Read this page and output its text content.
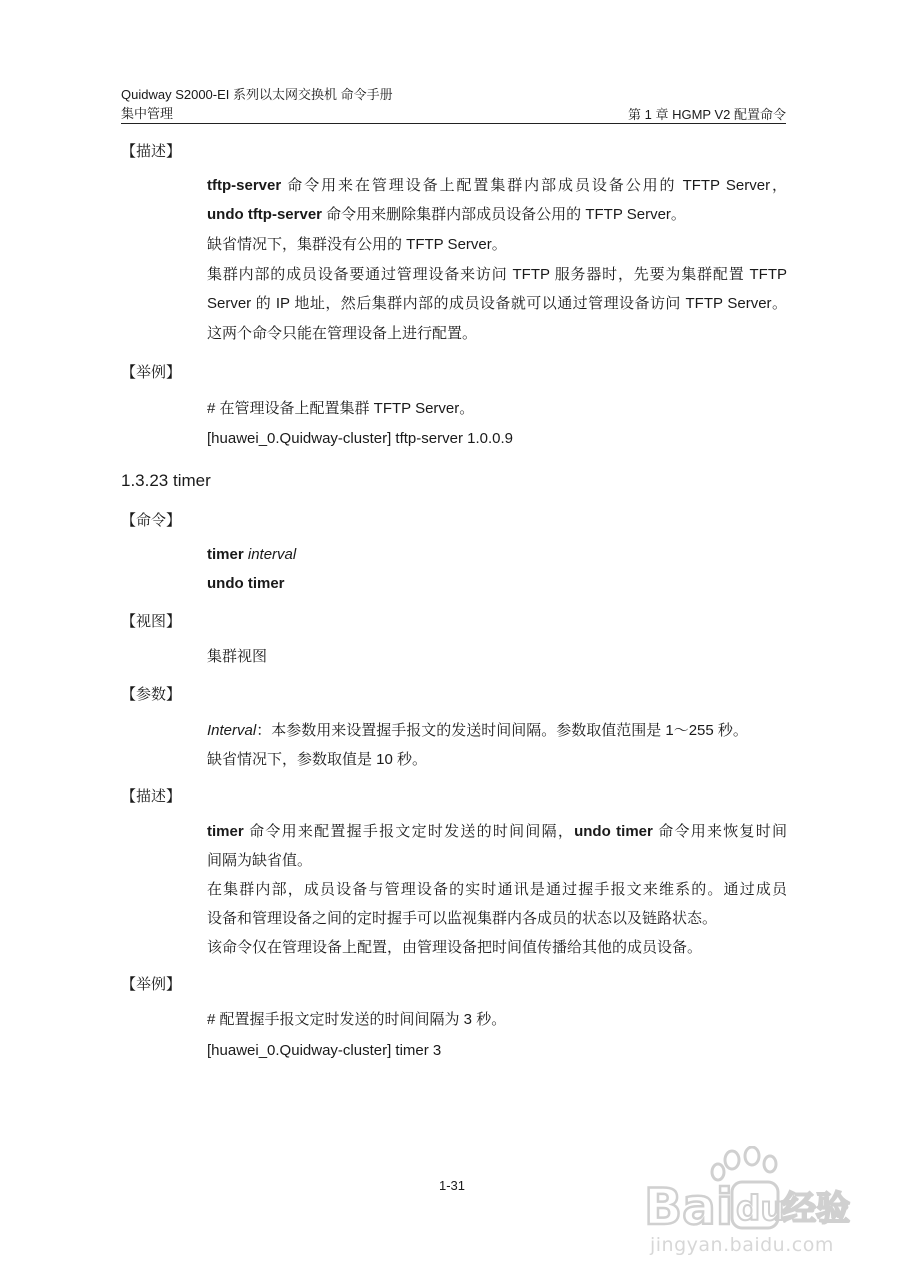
Quidway S2000-EI 系列以太网交换机 命令手册
集中管理	第 1 章 HGMP V2 配置命令
【描述】
tftp-server 命令用来在管理设备上配置集群内部成员设备公用的 TFTP Server，
undo tftp-server 命令用来删除集群内部成员设备公用的 TFTP Server。
缺省情况下，集群没有公用的 TFTP Server。
集群内部的成员设备要通过管理设备来访问 TFTP 服务器时，先要为集群配置 TFTP
Server 的 IP 地址，然后集群内部的成员设备就可以通过管理设备访问 TFTP Server。
这两个命令只能在管理设备上进行配置。
【举例】
# 在管理设备上配置集群 TFTP Server。
[huawei_0.Quidway-cluster] tftp-server 1.0.0.9
1.3.23 timer
【命令】
timer interval
undo timer
【视图】
集群视图
【参数】
Interval：本参数用来设置握手报文的发送时间间隔。参数取值范围是 1～255 秒。
缺省情况下，参数取值是 10 秒。
【描述】
timer 命令用来配置握手报文定时发送的时间间隔，undo timer 命令用来恢复时间
间隔为缺省值。
在集群内部，成员设备与管理设备的实时通讯是通过握手报文来维系的。通过成员
设备和管理设备之间的定时握手可以监视集群内各成员的状态以及链路状态。
该命令仅在管理设备上配置，由管理设备把时间值传播给其他的成员设备。
【举例】
# 配置握手报文定时发送的时间间隔为 3 秒。
[huawei_0.Quidway-cluster] timer 3
1-31	Bai du
经验
jingyan.baidu.com
